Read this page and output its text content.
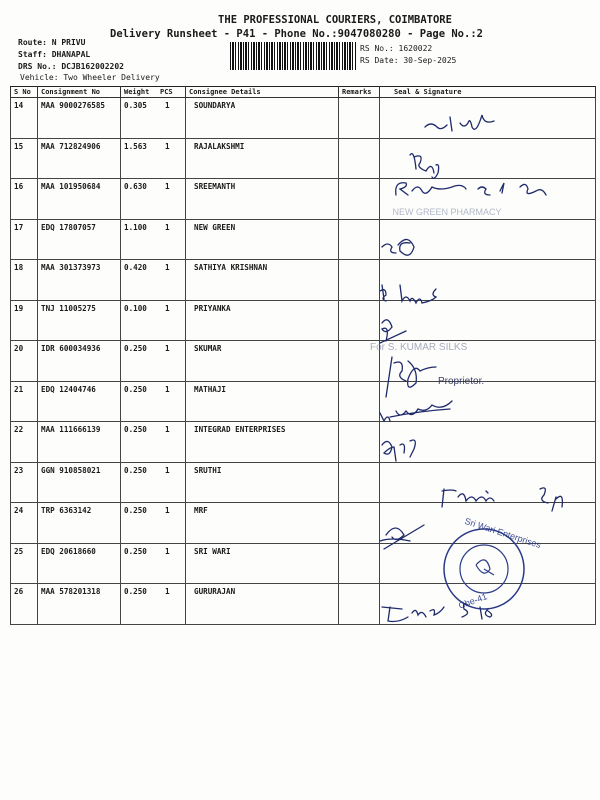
THE PROFESSIONAL COURIERS, COIMBATORE
Delivery Runsheet - P41 - Phone No.:9047080280 - Page No.:2
Route: N PRIVU
Staff: DHANAPAL
DRS No.: DCJB162002202
Vehicle: Two Wheeler Delivery
RS No.: 1620022
RS Date: 30-Sep-2025
S No	Consignment No	Weight	PCS	Consignee Details	Remarks	Seal & Signature
14	MAA 9000276585	0.305	1	SOUNDARYA		
15	MAA 712824906	1.563	1	RAJALAKSHMI		
16	MAA 101950684	0.630	1	SREEMANTH		
17	EDQ 17807057	1.100	1	NEW GREEN		
18	MAA 301373973	0.420	1	SATHIYA KRISHNAN		
19	TNJ 11005275	0.100	1	PRIYANKA		
20	IDR 600034936	0.250	1	SKUMAR		
21	EDQ 12404746	0.250	1	MATHAJI		
22	MAA 111666139	0.250	1	INTEGRAD ENTERPRISES		
23	GGN 910858021	0.250	1	SRUTHI		
24	TRP 6363142	0.250	1	MRF		
25	EDQ 20618660	0.250	1	SRI WARI		
26	MAA 578201318	0.250	1	GURURAJAN		
NEW GREEN PHARMACY
For S. KUMAR SILKS
Proprietor.
Sri Wari Enterprises
Che-41
